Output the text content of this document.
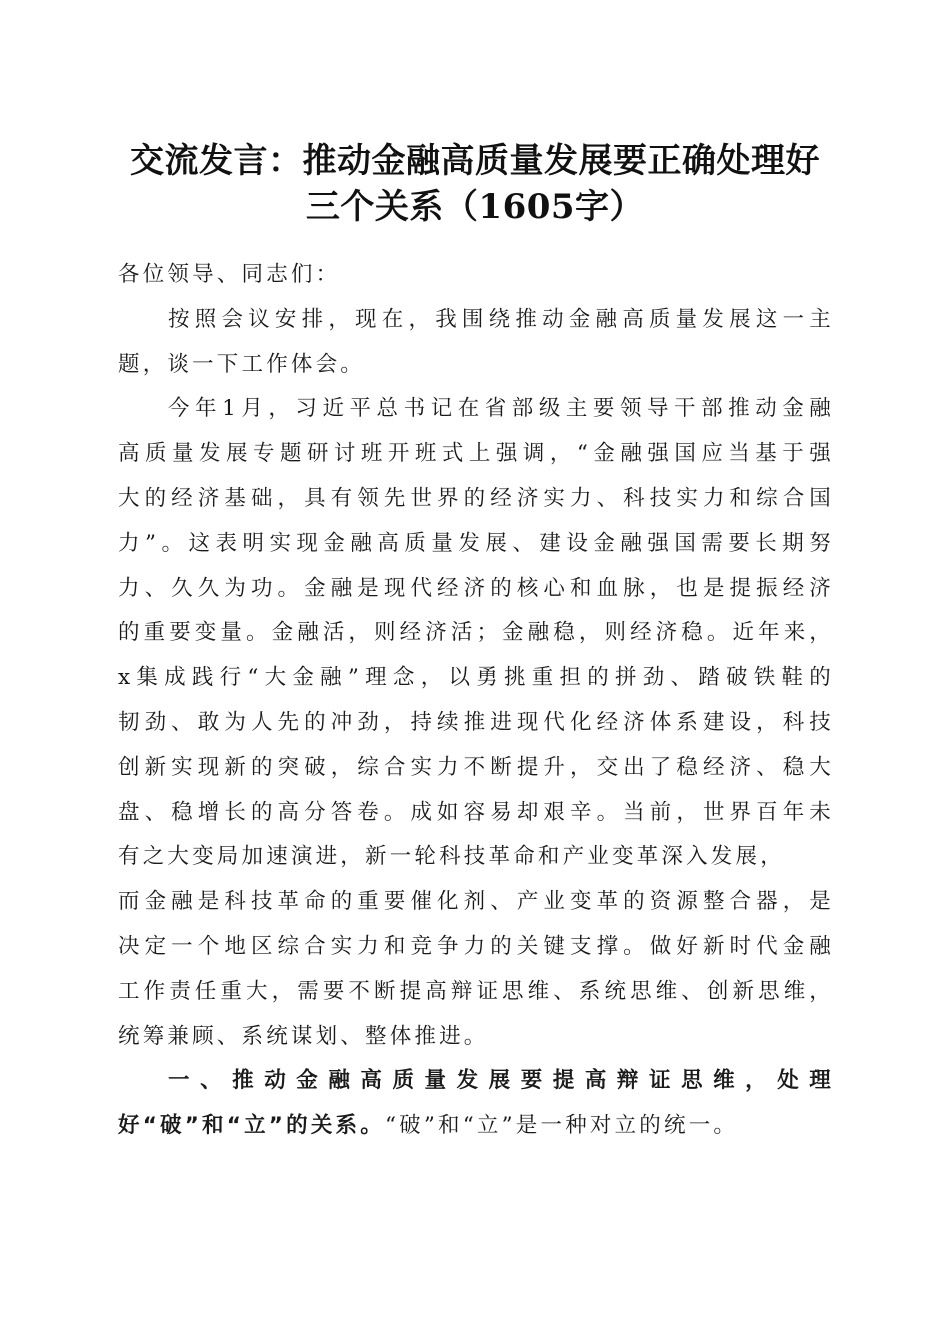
交流发言：推动金融高质量发展要正确处理好
三个关系（1605字）
各位领导、同志们：
按照会议安排，现在，我围绕推动金融高质量发展这一主
题，谈一下工作体会。
今年1月，习近平总书记在省部级主要领导干部推动金融
高质量发展专题研讨班开班式上强调，“金融强国应当基于强
大的经济基础，具有领先世界的经济实力、科技实力和综合国
力”。这表明实现金融高质量发展、建设金融强国需要长期努
力、久久为功。金融是现代经济的核心和血脉，也是提振经济
的重要变量。金融活，则经济活；金融稳，则经济稳。近年来，
x集成践行“大金融”理念，以勇挑重担的拼劲、踏破铁鞋的
韧劲、敢为人先的冲劲，持续推进现代化经济体系建设，科技
创新实现新的突破，综合实力不断提升，交出了稳经济、稳大
盘、稳增长的高分答卷。成如容易却艰辛。当前，世界百年未
有之大变局加速演进，新一轮科技革命和产业变革深入发展，
而金融是科技革命的重要催化剂、产业变革的资源整合器，是
决定一个地区综合实力和竞争力的关键支撑。做好新时代金融
工作责任重大，需要不断提高辩证思维、系统思维、创新思维，
统筹兼顾、系统谋划、整体推进。
一、推动金融高质量发展要提高辩证思维，处理
好“破”和“立”的关系。“破”和“立”是一种对立的统一。
